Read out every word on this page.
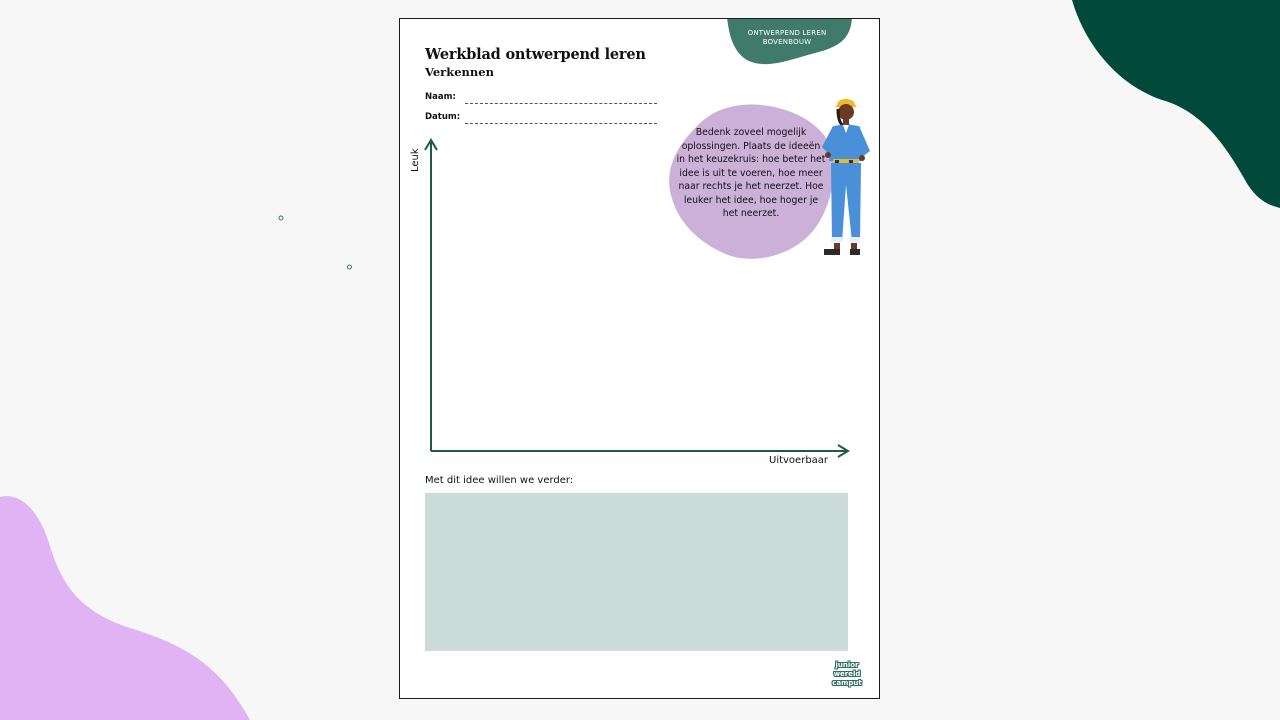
ONTWERPEND LEREN BOVENBOUW
Werkblad ontwerpend leren
Verkennen
Naam:
Datum:
Leuk
Uitvoerbaar
Bedenk zoveel mogelijk oplossingen. Plaats de ideeën in het keuzekruis: hoe beter het idee is uit te voeren, hoe meer naar rechts je het neerzet. Hoe leuker het idee, hoe hoger je het neerzet.
Met dit idee willen we verder:
junior
wereld
camput
